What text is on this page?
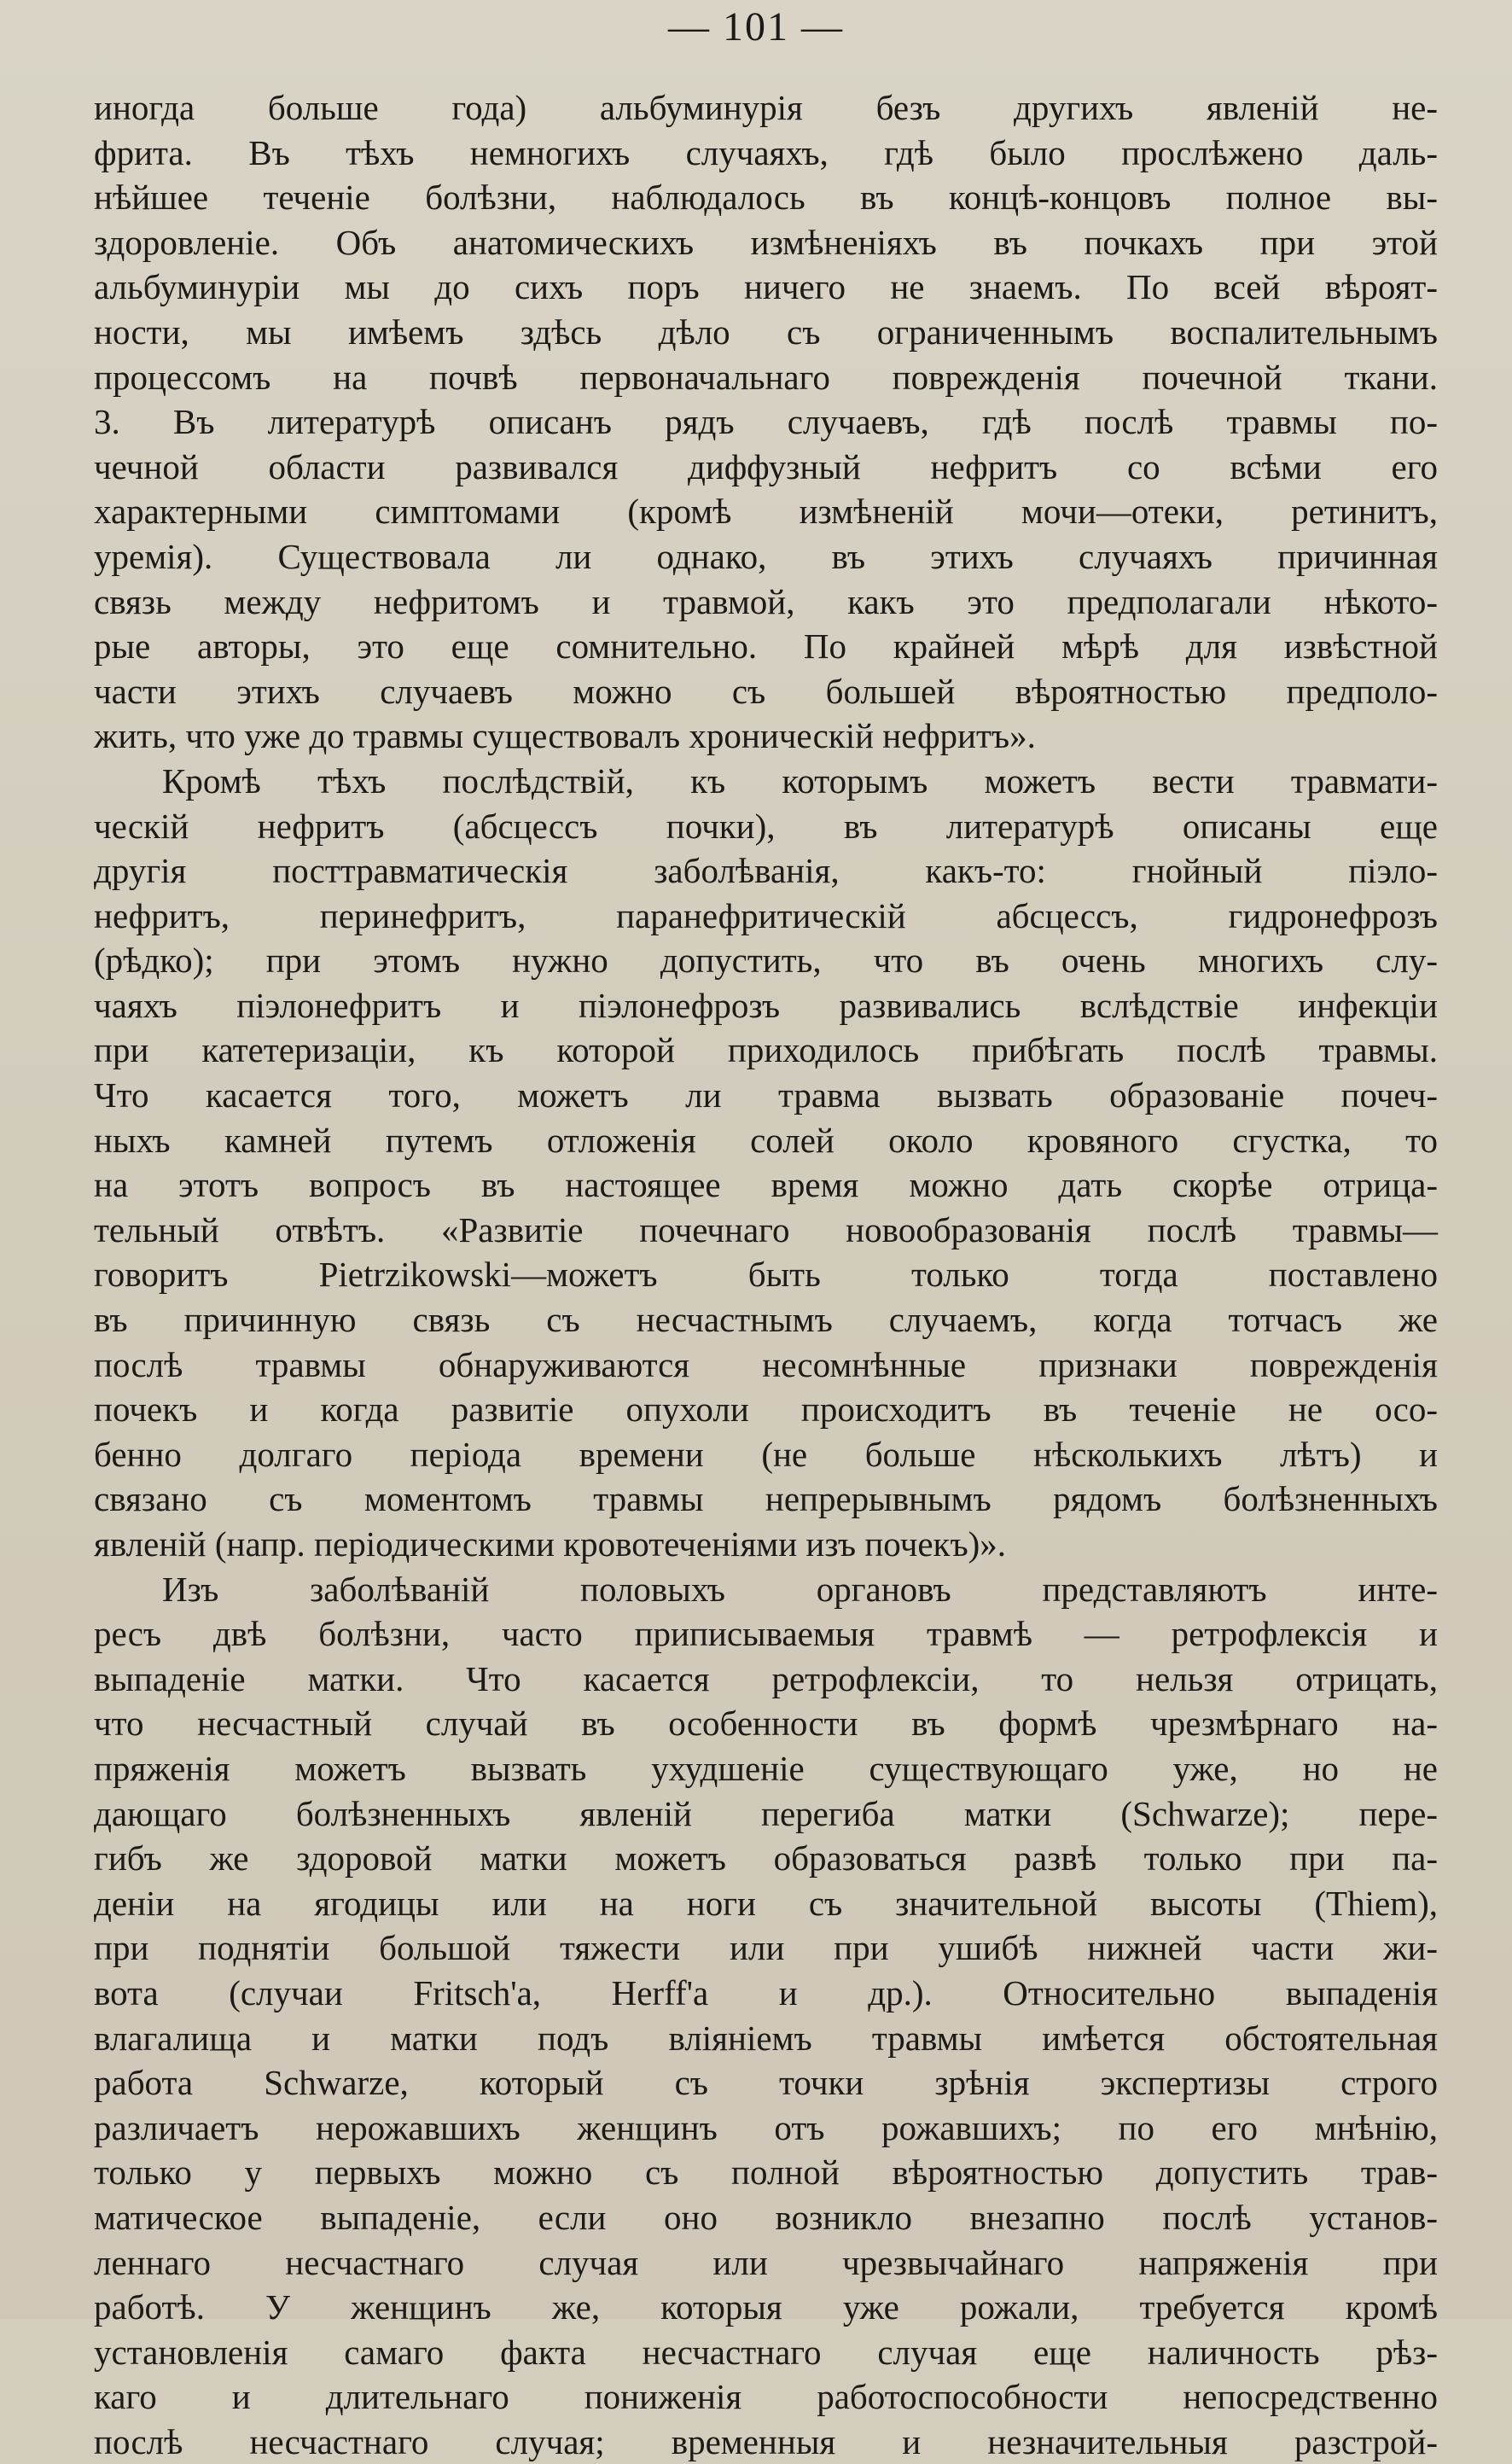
— 101 —
иногда больше года) альбуминурія безъ другихъ явленій не-
фрита. Въ тѣхъ немногихъ случаяхъ, гдѣ было прослѣжено даль-
нѣйшее теченіе болѣзни, наблюдалось въ концѣ-концовъ полное вы-
здоровленіе. Объ анатомическихъ измѣненіяхъ въ почкахъ при этой
альбуминуріи мы до сихъ поръ ничего не знаемъ. По всей вѣроят-
ности, мы имѣемъ здѣсь дѣло съ ограниченнымъ воспалительнымъ
процессомъ на почвѣ первоначальнаго поврежденія почечной ткани.
3. Въ литературѣ описанъ рядъ случаевъ, гдѣ послѣ травмы по-
чечной области развивался диффузный нефритъ со всѣми его
характерными симптомами (кромѣ измѣненій мочи—отеки, ретинитъ,
уремія). Существовала ли однако, въ этихъ случаяхъ причинная
связь между нефритомъ и травмой, какъ это предполагали нѣкото-
рые авторы, это еще сомнительно. По крайней мѣрѣ для извѣстной
части этихъ случаевъ можно съ большей вѣроятностью предполо-
жить, что уже до травмы существовалъ хроническій нефритъ».
Кромѣ тѣхъ послѣдствій, къ которымъ можетъ вести травмати-
ческій нефритъ (абсцессъ почки), въ литературѣ описаны еще
другія посттравматическія заболѣванія, какъ-то: гнойный піэло-
нефритъ, перинефритъ, паранефритическій абсцессъ, гидронефрозъ
(рѣдко); при этомъ нужно допустить, что въ очень многихъ слу-
чаяхъ піэлонефритъ и піэлонефрозъ развивались вслѣдствіе инфекціи
при катетеризаціи, къ которой приходилось прибѣгать послѣ травмы.
Что касается того, можетъ ли травма вызвать образованіе почеч-
ныхъ камней путемъ отложенія солей около кровяного сгустка, то
на этотъ вопросъ въ настоящее время можно дать скорѣе отрица-
тельный отвѣтъ. «Развитіе почечнаго новообразованія послѣ травмы—
говоритъ Pietrzikowski—можетъ быть только тогда поставлено
въ причинную связь съ несчастнымъ случаемъ, когда тотчасъ же
послѣ травмы обнаруживаются несомнѣнные признаки поврежденія
почекъ и когда развитіе опухоли происходитъ въ теченіе не осо-
бенно долгаго періода времени (не больше нѣсколькихъ лѣтъ) и
связано съ моментомъ травмы непрерывнымъ рядомъ болѣзненныхъ
явленій (напр. періодическими кровотеченіями изъ почекъ)».
Изъ заболѣваній половыхъ органовъ представляютъ инте-
ресъ двѣ болѣзни, часто приписываемыя травмѣ — ретрофлексія и
выпаденіе матки. Что касается ретрофлексіи, то нельзя отрицать,
что несчастный случай въ особенности въ формѣ чрезмѣрнаго на-
пряженія можетъ вызвать ухудшеніе существующаго уже, но не
дающаго болѣзненныхъ явленій перегиба матки (Schwarze); пере-
гибъ же здоровой матки можетъ образоваться развѣ только при па-
деніи на ягодицы или на ноги съ значительной высоты (Thiem),
при поднятіи большой тяжести или при ушибѣ нижней части жи-
вота (случаи Fritsch'a, Herff'a и др.). Относительно выпаденія
влагалища и матки подъ вліяніемъ травмы имѣется обстоятельная
работа Schwarze, который съ точки зрѣнія экспертизы строго
различаетъ нерожавшихъ женщинъ отъ рожавшихъ; по его мнѣнію,
только у первыхъ можно съ полной вѣроятностью допустить трав-
матическое выпаденіе, если оно возникло внезапно послѣ установ-
леннаго несчастнаго случая или чрезвычайнаго напряженія при
работѣ. У женщинъ же, которыя уже рожали, требуется кромѣ
установленія самаго факта несчастнаго случая еще наличность рѣз-
каго и длительнаго пониженія работоспособности непосредственно
послѣ несчастнаго случая; временныя и незначительныя разстрой-
